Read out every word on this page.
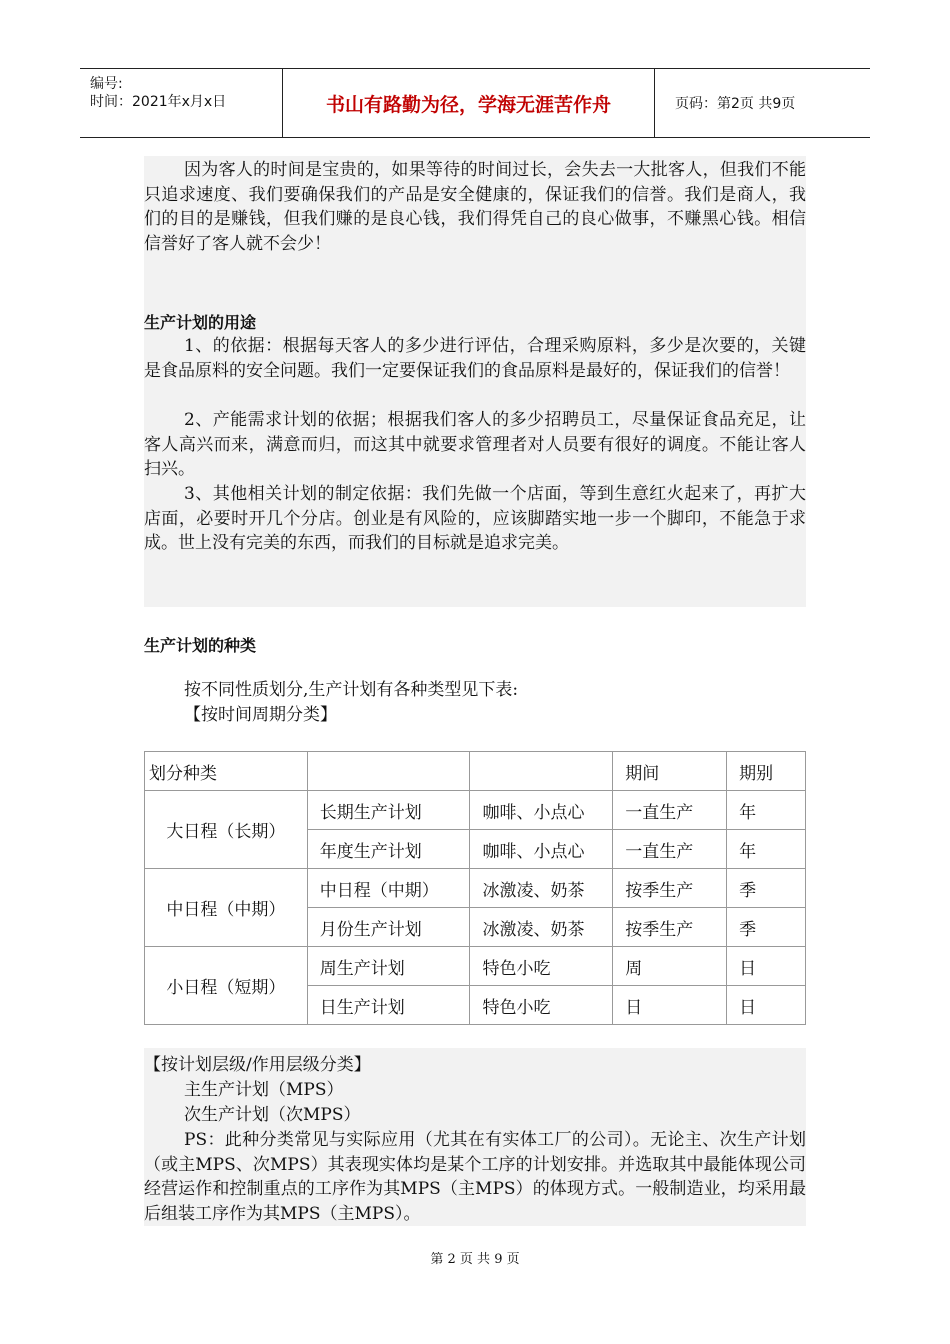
编号:
时间：2021年x月x日	书山有路勤为径，学海无涯苦作舟	页码：第2页 共9页

因为客人的时间是宝贵的，如果等待的时间过长，会失去一大批客人，但我们不能只追求速度、我们要确保我们的产品是安全健康的，保证我们的信誉。我们是商人，我们的目的是赚钱，但我们赚的是良心钱，我们得凭自己的良心做事，不赚黑心钱。相信信誉好了客人就不会少！

生产计划的用途

1、的依据：根据每天客人的多少进行评估，合理采购原料，多少是次要的，关键是食品原料的安全问题。我们一定要保证我们的食品原料是最好的，保证我们的信誉！

2、产能需求计划的依据；根据我们客人的多少招聘员工，尽量保证食品充足，让客人高兴而来，满意而归，而这其中就要求管理者对人员要有很好的调度。不能让客人扫兴。

3、其他相关计划的制定依据：我们先做一个店面，等到生意红火起来了，再扩大店面，必要时开几个分店。创业是有风险的，应该脚踏实地一步一个脚印，不能急于求成。世上没有完美的东西，而我们的目标就是追求完美。

生产计划的种类

按不同性质划分,生产计划有各种类型见下表:

【按时间周期分类】

划分种类			期间	期别
大日程（长期）	长期生产计划	咖啡、小点心	一直生产	年
	年度生产计划	咖啡、小点心	一直生产	年
中日程（中期）	中日程（中期）	冰激凌、奶茶	按季生产	季
	月份生产计划	冰激凌、奶茶	按季生产	季
小日程（短期）	周生产计划	特色小吃	周	日
	日生产计划	特色小吃	日	日

【按计划层级/作用层级分类】

主生产计划（MPS）

次生产计划（次MPS）

PS：此种分类常见与实际应用（尤其在有实体工厂的公司）。无论主、次生产计划（或主MPS、次MPS）其表现实体均是某个工序的计划安排。并选取其中最能体现公司经营运作和控制重点的工序作为其MPS（主MPS）的体现方式。一般制造业，均采用最后组装工序作为其MPS（主MPS）。

第 2 页 共 9 页
